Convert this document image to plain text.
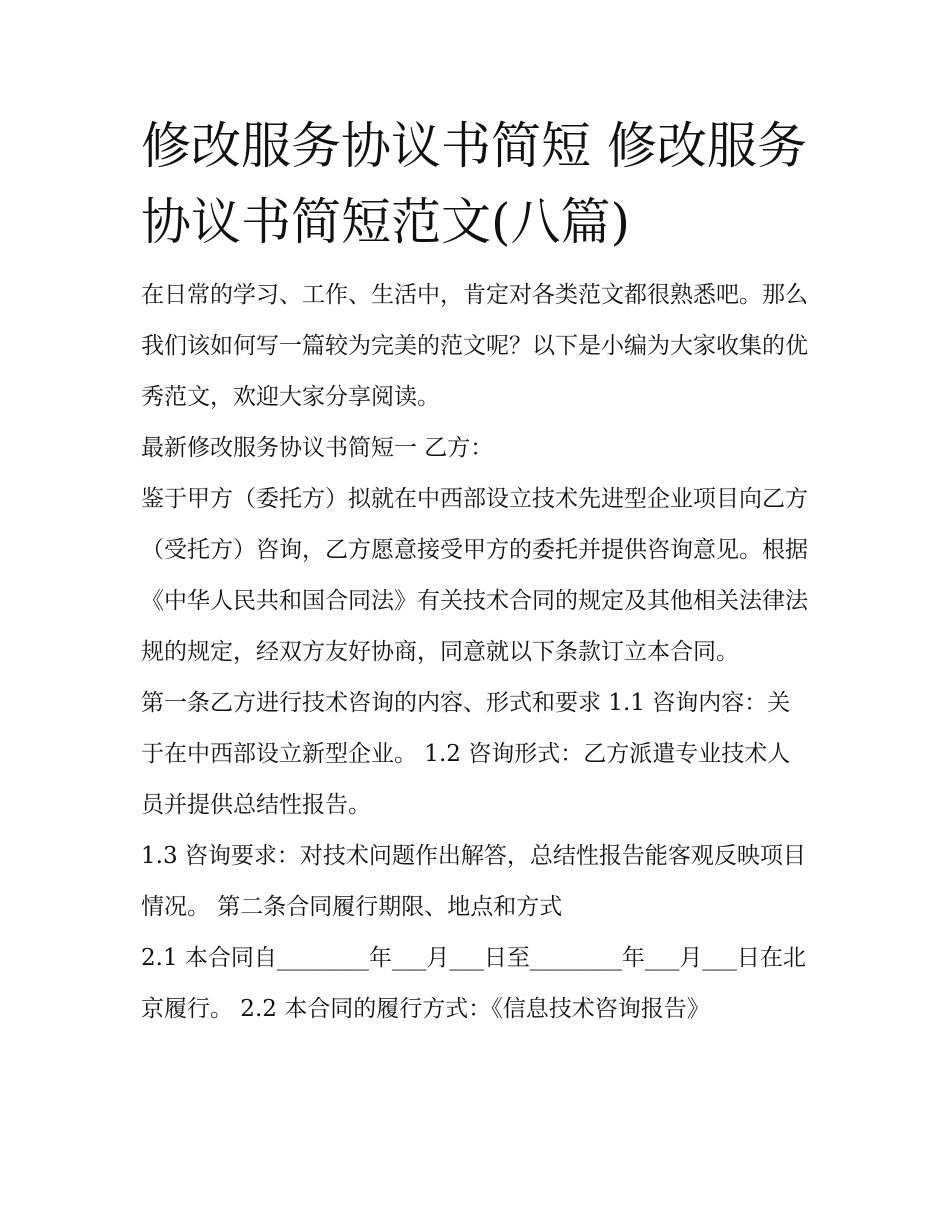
修改服务协议书简短 修改服务协议书简短范文(八篇)

在日常的学习、工作、生活中，肯定对各类范文都很熟悉吧。那么我们该如何写一篇较为完美的范文呢？以下是小编为大家收集的优秀范文，欢迎大家分享阅读。

最新修改服务协议书简短一 乙方：

鉴于甲方（委托方）拟就在中西部设立技术先进型企业项目向乙方（受托方）咨询，乙方愿意接受甲方的委托并提供咨询意见。根据《中华人民共和国合同法》有关技术合同的规定及其他相关法律法规的规定，经双方友好协商，同意就以下条款订立本合同。

第一条乙方进行技术咨询的内容、形式和要求 1.1 咨询内容：关于在中西部设立新型企业。 1.2 咨询形式：乙方派遣专业技术人员并提供总结性报告。

1.3 咨询要求：对技术问题作出解答，总结性报告能客观反映项目情况。 第二条合同履行期限、地点和方式

2.1 本合同自________年___月___日至________年___月___日在北京履行。 2.2 本合同的履行方式：《信息技术咨询报告》
